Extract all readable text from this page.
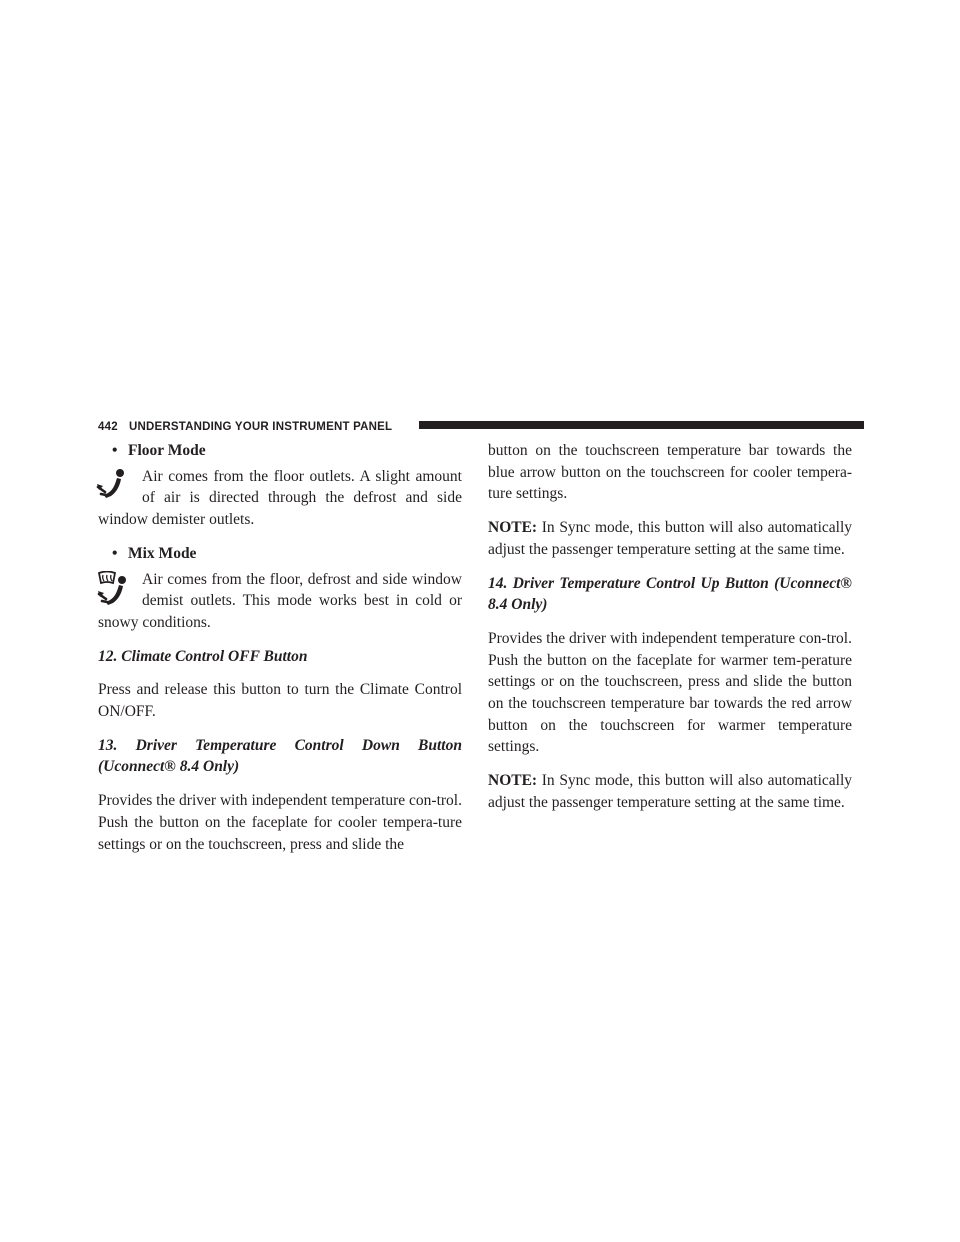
442 UNDERSTANDING YOUR INSTRUMENT PANEL
• Floor Mode
Air comes from the floor outlets. A slight amount of air is directed through the defrost and side window demister outlets.
• Mix Mode
Air comes from the floor, defrost and side window demist outlets. This mode works best in cold or snowy conditions.

12. Climate Control OFF Button

Press and release this button to turn the Climate Control ON/OFF.

13. Driver Temperature Control Down Button (Uconnect® 8.4 Only)

Provides the driver with independent temperature con-trol. Push the button on the faceplate for cooler tempera-ture settings or on the touchscreen, press and slide the

button on the touchscreen temperature bar towards the blue arrow button on the touchscreen for cooler tempera-ture settings.

NOTE: In Sync mode, this button will also automatically adjust the passenger temperature setting at the same time.

14. Driver Temperature Control Up Button (Uconnect® 8.4 Only)

Provides the driver with independent temperature con-trol. Push the button on the faceplate for warmer tem-perature settings or on the touchscreen, press and slide the button on the touchscreen temperature bar towards the red arrow button on the touchscreen for warmer temperature settings.

NOTE: In Sync mode, this button will also automatically adjust the passenger temperature setting at the same time.
